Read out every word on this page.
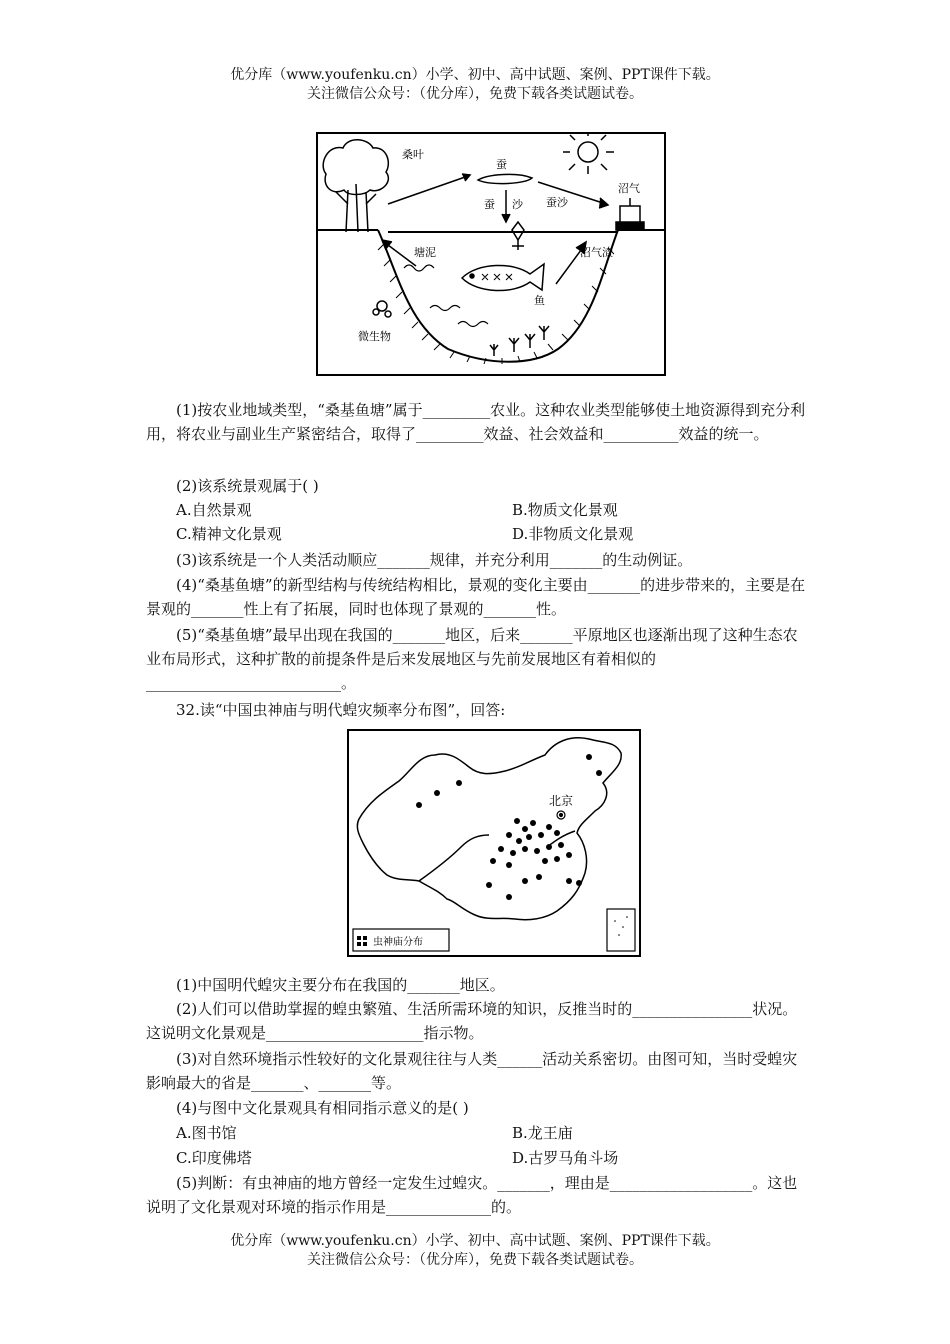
优分库（www.youfenku.cn）小学、初中、高中试题、案例、PPT课件下载。
关注微信公众号：（优分库），免费下载各类试题试卷。
桑叶
蚕
蚕 沙 蚕沙
沼气
塘泥	沼气渣
鱼
微生物

(1)按农业地域类型，“桑基鱼塘”属于_________农业。这种农业类型能够使土地资源得到充分利用，将农业与副业生产紧密结合，取得了_________效益、社会效益和__________效益的统一。

(2)该系统景观属于( )

A.自然景观	B.物质文化景观

C.精神文化景观	D.非物质文化景观

(3)该系统是一个人类活动顺应_______规律，并充分利用_______的生动例证。

(4)“桑基鱼塘”的新型结构与传统结构相比，景观的变化主要由_______的进步带来的，主要是在景观的_______性上有了拓展，同时也体现了景观的_______性。

(5)“桑基鱼塘”最早出现在我国的_______地区，后来_______平原地区也逐渐出现了这种生态农业布局形式，这种扩散的前提条件是后来发展地区与先前发展地区有着相似的__________________________。

32.读“中国虫神庙与明代蝗灾频率分布图”，回答:

北京
虫神庙分布

(1)中国明代蝗灾主要分布在我国的_______地区。

(2)人们可以借助掌握的蝗虫繁殖、生活所需环境的知识，反推当时的________________状况。这说明文化景观是_____________________指示物。

(3)对自然环境指示性较好的文化景观往往与人类______活动关系密切。由图可知，当时受蝗灾影响最大的省是_______、_______等。

(4)与图中文化景观具有相同指示意义的是( )

A.图书馆	B.龙王庙

C.印度佛塔	D.古罗马角斗场

(5)判断：有虫神庙的地方曾经一定发生过蝗灾。_______，理由是___________________。这也说明了文化景观对环境的指示作用是______________的。

优分库（www.youfenku.cn）小学、初中、高中试题、案例、PPT课件下载。
关注微信公众号：（优分库），免费下载各类试题试卷。
